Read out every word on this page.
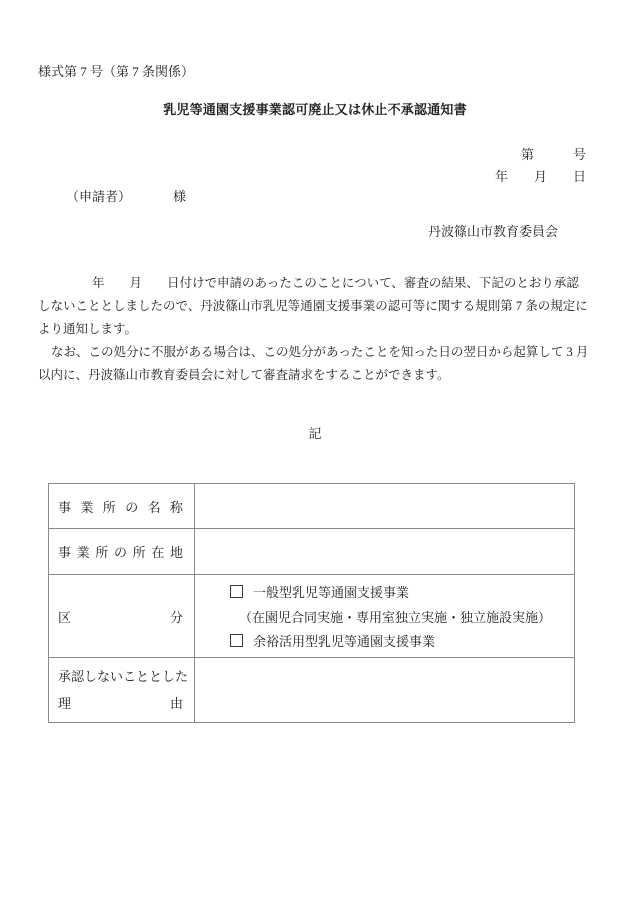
様式第 7 号（第 7 条関係）
乳児等通園支援事業認可廃止又は休止不承認通知書
第　　　号
年　　月　　日
（申請者）	様
丹波篠山市教育委員会
年　　月　　日付けで申請のあったこのことについて、審査の結果、下記のとおり承認
しないこととしましたので、丹波篠山市乳児等通園支援事業の認可等に関する規則第 7 条の規定に
より通知します。
なお、この処分に不服がある場合は、この処分があったことを知った日の翌日から起算して 3 月
以内に、丹波篠山市教育委員会に対して審査請求をすることができます。
記
事業所の名称
事業所の所在地
区分
一般型乳児等通園支援事業
（在園児合同実施・専用室独立実施・独立施設実施）
余裕活用型乳児等通園支援事業
承認しないこととした
理由
